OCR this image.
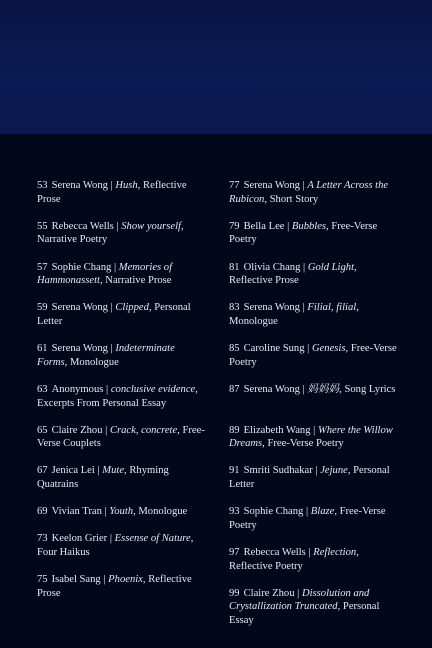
53 Serena Wong | Hush, Reflective Prose
55 Rebecca Wells | Show yourself, Narrative Poetry
57 Sophie Chang | Memories of Hammonassett, Narrative Prose
59 Serena Wong | Clipped, Personal Letter
61 Serena Wong | Indeterminate Forms, Monologue
63 Anonymous | conclusive evidence, Excerpts From Personal Essay
65 Claire Zhou | Crack, concrete, Free-Verse Couplets
67 Jenica Lei | Mute, Rhyming Quatrains
69 Vivian Tran | Youth, Monologue
73 Keelon Grier | Essense of Nature, Four Haikus
75 Isabel Sang | Phoenix, Reflective Prose
77 Serena Wong | A Letter Across the Rubicon, Short Story
79 Bella Lee | Bubbles, Free-Verse Poetry
81 Olivia Chang | Gold Light, Reflective Prose
83 Serena Wong | Filial, filial, Monologue
85 Caroline Sung | Genesis, Free-Verse Poetry
87 Serena Wong | 妈妈妈, Song Lyrics
89 Elizabeth Wang | Where the Willow Dreams, Free-Verse Poetry
91 Smriti Sudhakar | Jejune, Personal Letter
93 Sophie Chang | Blaze, Free-Verse Poetry
97 Rebecca Wells | Reflection, Reflective Poetry
99 Claire Zhou | Dissolution and Crystallization Truncated, Personal Essay
